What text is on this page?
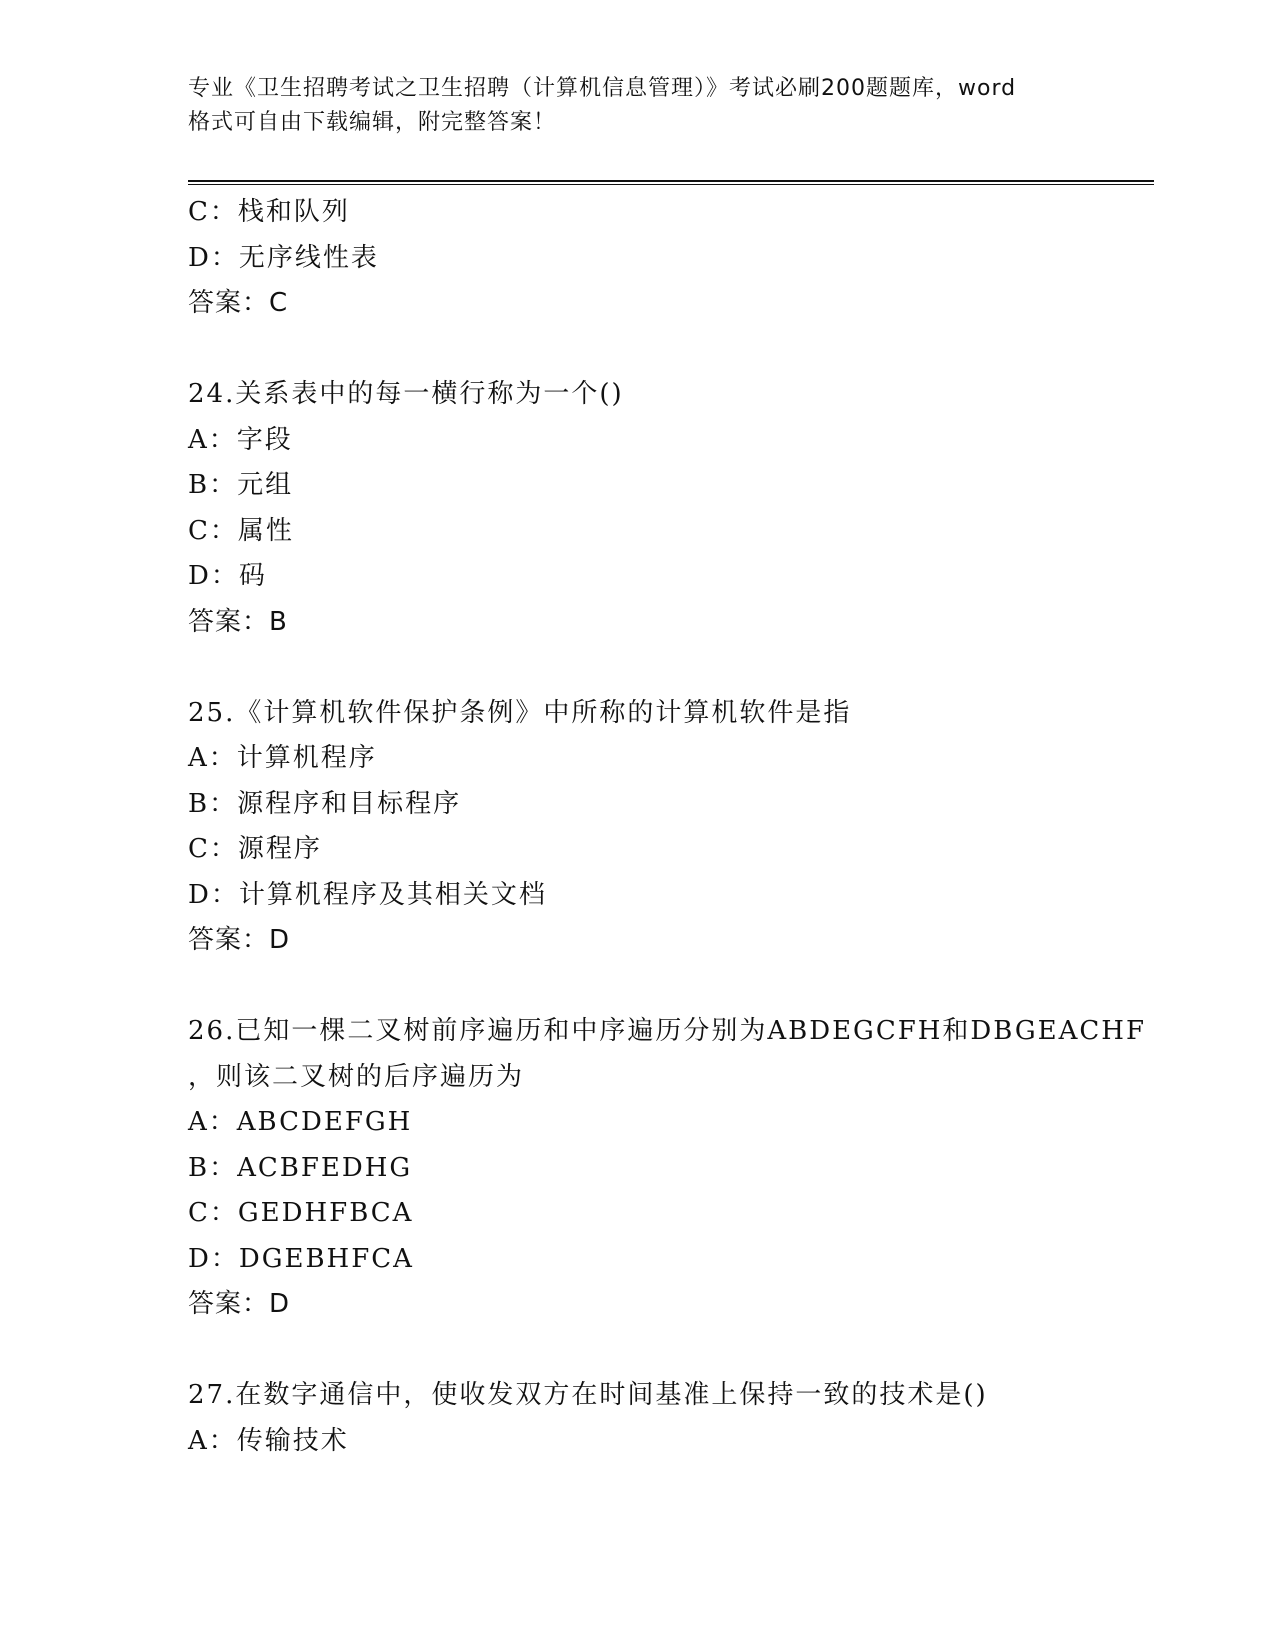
专业《卫生招聘考试之卫生招聘（计算机信息管理）》考试必刷200题题库，word
格式可自由下载编辑，附完整答案！
C：栈和队列
D：无序线性表
答案：C
24.关系表中的每一横行称为一个()
A：字段
B：元组
C：属性
D：码
答案：B
25.《计算机软件保护条例》中所称的计算机软件是指
A：计算机程序
B：源程序和目标程序
C：源程序
D：计算机程序及其相关文档
答案：D
26.已知一棵二叉树前序遍历和中序遍历分别为ABDEGCFH和DBGEACHF
，则该二叉树的后序遍历为
A：ABCDEFGH
B：ACBFEDHG
C：GEDHFBCA
D：DGEBHFCA
答案：D
27.在数字通信中，使收发双方在时间基准上保持一致的技术是()
A：传输技术
